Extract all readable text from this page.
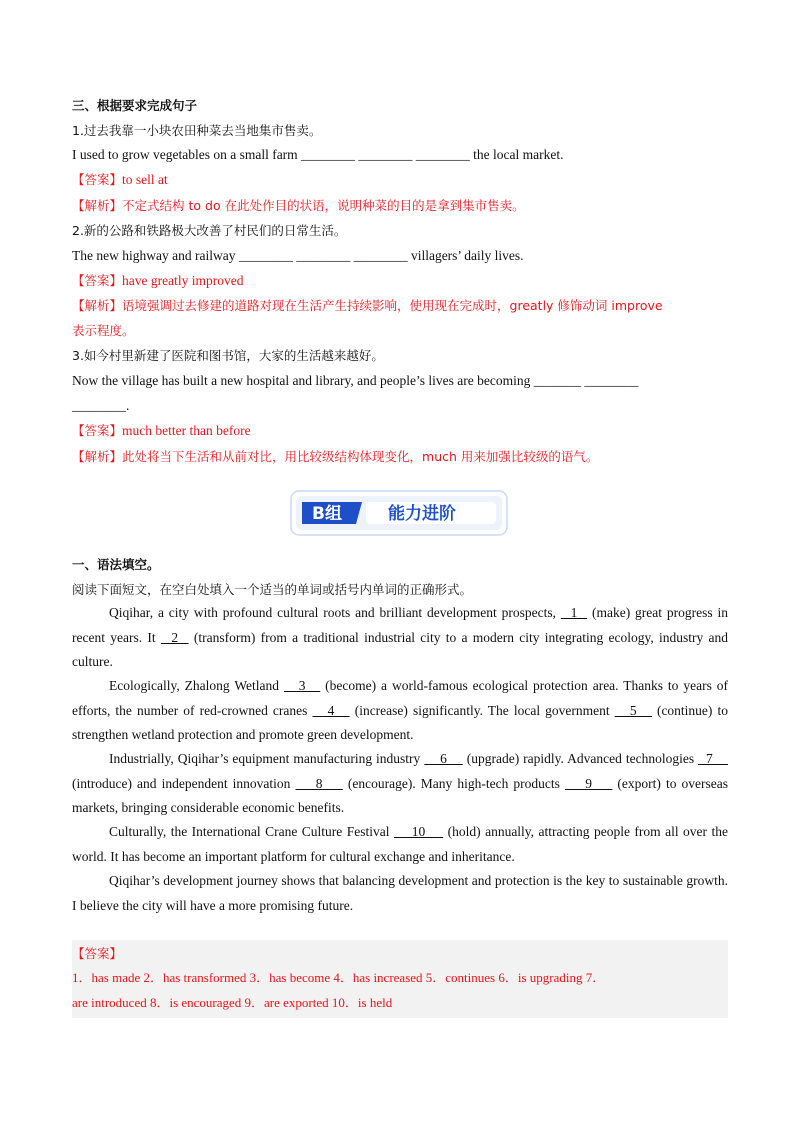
三、根据要求完成句子
1.过去我靠一小块农田种菜去当地集市售卖。
I used to grow vegetables on a small farm ________ ________ ________ the local market.
【答案】to sell at
【解析】不定式结构 to do 在此处作目的状语，说明种菜的目的是拿到集市售卖。
2.新的公路和铁路极大改善了村民们的日常生活。
The new highway and railway ________ ________ ________ villagers’ daily lives.
【答案】have greatly improved
【解析】语境强调过去修建的道路对现在生活产生持续影响，使用现在完成时，greatly 修饰动词 improve
表示程度。
3.如今村里新建了医院和图书馆，大家的生活越来越好。
Now the village has built a new hospital and library, and people’s lives are becoming _______ ________
________.
【答案】much better than before
【解析】此处将当下生活和从前对比，用比较级结构体现变化，much 用来加强比较级的语气。
B组	能力进阶
一、语法填空。
阅读下面短文，在空白处填入一个适当的单词或括号内单词的正确形式。
Qiqihar, a city with profound cultural roots and brilliant development prospects,   1   (make) great progress in recent years. It   2   (transform) from a traditional industrial city to a modern city integrating ecology, industry and culture.
Ecologically, Zhalong Wetland    3    (become) a world-famous ecological protection area. Thanks to years of efforts, the number of red-crowned cranes    4    (increase) significantly. The local government    5    (continue) to strengthen wetland protection and promote green development.
Industrially, Qiqihar’s equipment manufacturing industry     6     (upgrade) rapidly. Advanced technologies   7     (introduce) and independent innovation     8     (encourage). Many high-tech products     9     (export) to overseas markets, bringing considerable economic benefits.
Culturally, the International Crane Culture Festival     10     (hold) annually, attracting people from all over the world. It has become an important platform for cultural exchange and inheritance.
Qiqihar’s development journey shows that balancing development and protection is the key to sustainable growth. I believe the city will have a more promising future.
【答案】
1．has made 2．has transformed 3．has become 4．has increased 5．continues 6．is upgrading 7．
are introduced 8．is encouraged 9．are exported 10．is held
